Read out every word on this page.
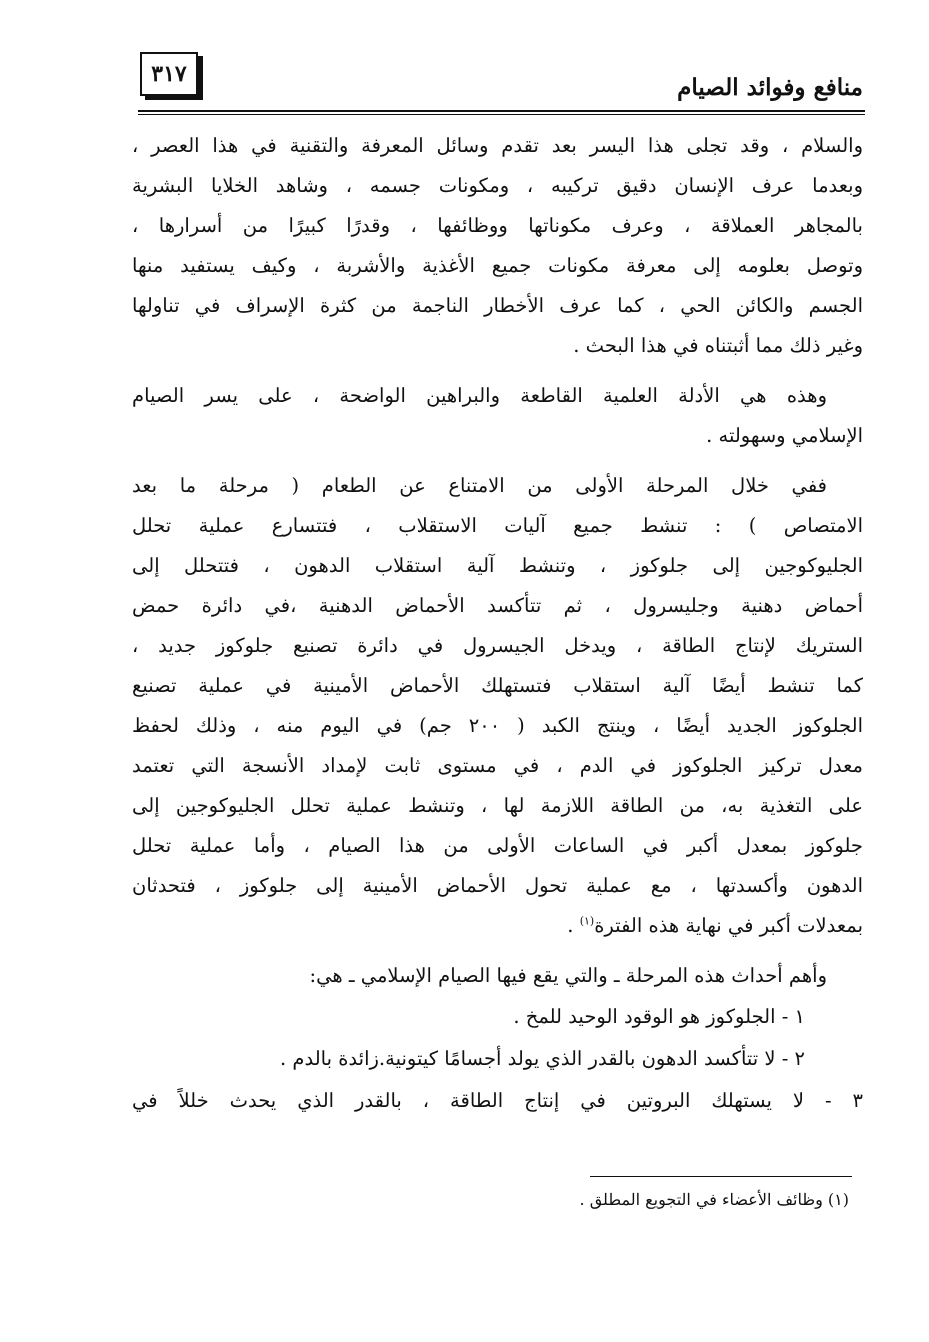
منافع وفوائد الصيام
٣١٧
والسلام ، وقد تجلى هذا اليسر بعد تقدم وسائل المعرفة والتقنية في هذا العصر ،
وبعدما عرف الإنسان دقيق تركيبه ، ومكونات جسمه ، وشاهد الخلايا البشرية
بالمجاهر العملاقة ، وعرف مكوناتها ووظائفها ، وقدرًا كبيرًا من أسرارها ،
وتوصل بعلومه إلى معرفة مكونات جميع الأغذية والأشربة ، وكيف يستفيد منها
الجسم والكائن الحي ، كما عرف الأخطار الناجمة من كثرة الإسراف في تناولها
وغير ذلك مما أثبتناه في هذا البحث .
وهذه هي الأدلة العلمية القاطعة والبراهين الواضحة ، على يسر الصيام
الإسلامي وسهولته .
ففي خلال المرحلة الأولى من الامتناع عن الطعام ( مرحلة ما بعد
الامتصاص ) : تنشط جميع آليات الاستقلاب ، فتتسارع عملية تحلل
الجليوكوجين إلى جلوكوز ، وتنشط آلية استقلاب الدهون ، فتتحلل إلى
أحماض دهنية وجليسرول ، ثم تتأكسد الأحماض الدهنية ،في دائرة حمض
الستريك لإنتاج الطاقة ، ويدخل الجيسرول في دائرة تصنيع جلوكوز جديد ،
كما تنشط أيضًا آلية استقلاب فتستهلك الأحماض الأمينية في عملية تصنيع
الجلوكوز الجديد أيضًا ، وينتج الكبد ( ٢٠٠ جم) في اليوم منه ، وذلك لحفظ
معدل تركيز الجلوكوز في الدم ، في مستوى ثابت لإمداد الأنسجة التي تعتمد
على التغذية به، من الطاقة اللازمة لها ، وتنشط عملية تحلل الجليوكوجين إلى
جلوكوز بمعدل أكبر في الساعات الأولى من هذا الصيام ، وأما عملية تحلل
الدهون وأكسدتها ، مع عملية تحول الأحماض الأمينية إلى جلوكوز ، فتحدثان
بمعدلات أكبر في نهاية هذه الفترة$^{(١)}$ .
وأهم أحداث هذه المرحلة ـ والتي يقع فيها الصيام الإسلامي ـ هي:
١ - الجلوكوز هو الوقود الوحيد للمخ .
٢ - لا تتأكسد الدهون بالقدر الذي يولد أجسامًا كيتونية.زائدة بالدم .
٣ - لا يستهلك البروتين في إنتاج الطاقة ، بالقدر الذي يحدث خللاً في
(١) وظائف الأعضاء في التجويع المطلق .
